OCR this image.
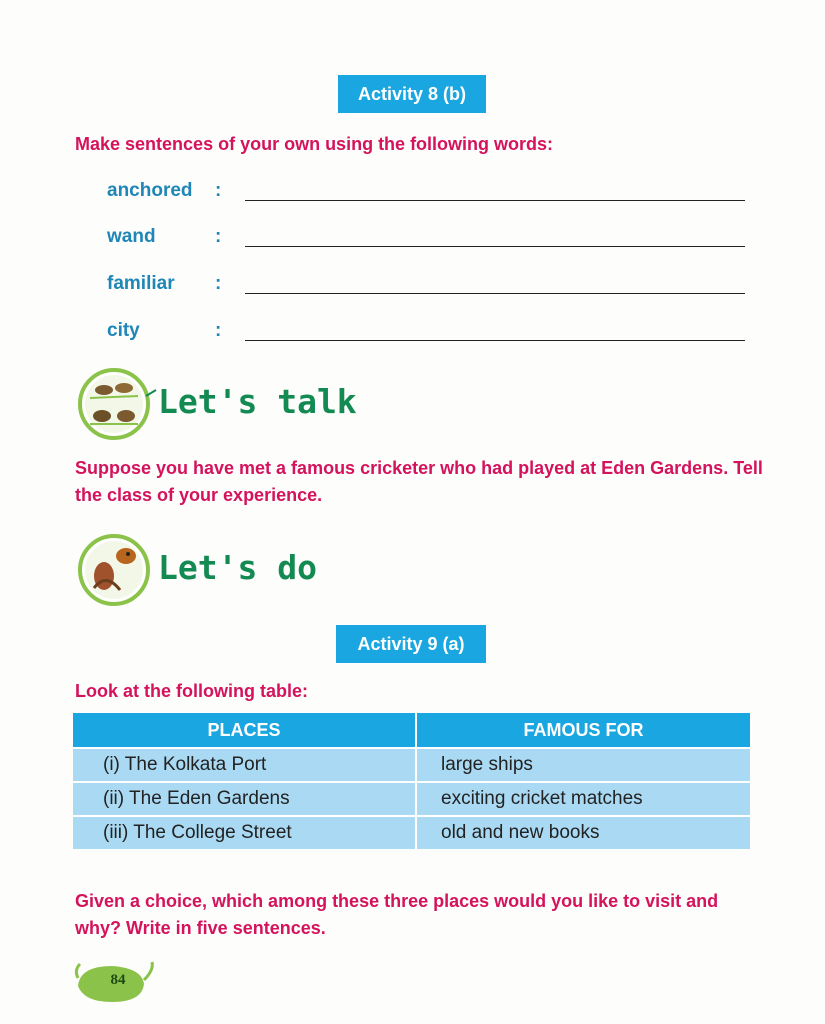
Activity 8 (b)

Make sentences of your own using the following words:

anchored :
wand	:
familiar :
city	:
Let's talk

Suppose you have met a famous cricketer who had played at Eden Gardens. Tell the class of your experience.

Let's do
Activity 9 (a)

Look at the following table:

PLACES	FAMOUS FOR
(i) The Kolkata Port	large ships
(ii) The Eden Gardens	exciting cricket matches
(iii) The College Street	old and new books

Given a choice, which among these three places would you like to visit and why? Write in five sentences.

84
